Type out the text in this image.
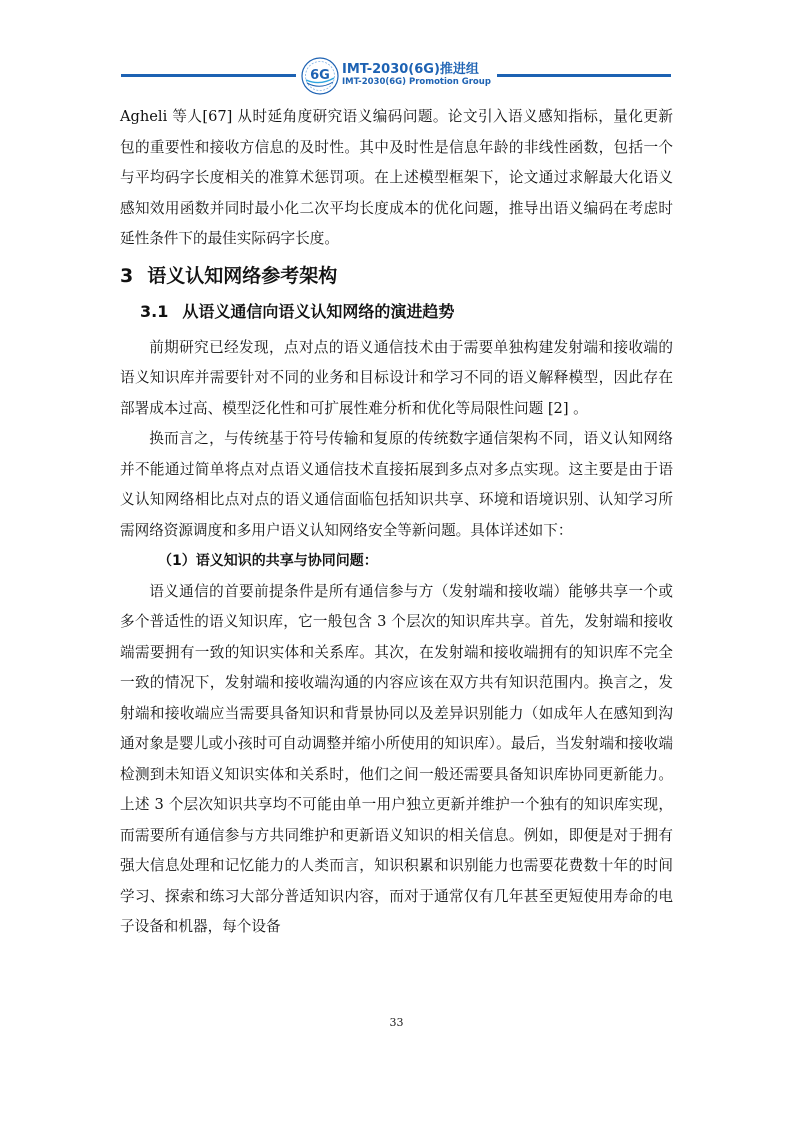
6G IMT-2030(6G)推进组
IMT-2030(6G) Promotion Group

Agheli 等人[67] 从时延角度研究语义编码问题。论文引入语义感知指标，量化更新包的重要性和接收方信息的及时性。其中及时性是信息年龄的非线性函数，包括一个与平均码字长度相关的准算术惩罚项。在上述模型框架下，论文通过求解最大化语义感知效用函数并同时最小化二次平均长度成本的优化问题，推导出语义编码在考虑时延性条件下的最佳实际码字长度。

3 语义认知网络参考架构
3.1 从语义通信向语义认知网络的演进趋势

前期研究已经发现，点对点的语义通信技术由于需要单独构建发射端和接收端的语义知识库并需要针对不同的业务和目标设计和学习不同的语义解释模型，因此存在部署成本过高、模型泛化性和可扩展性难分析和优化等局限性问题 [2] 。

换而言之，与传统基于符号传输和复原的传统数字通信架构不同，语义认知网络并不能通过简单将点对点语义通信技术直接拓展到多点对多点实现。这主要是由于语义认知网络相比点对点的语义通信面临包括知识共享、环境和语境识别、认知学习所需网络资源调度和多用户语义认知网络安全等新问题。具体详述如下：

（1）语义知识的共享与协同问题：

语义通信的首要前提条件是所有通信参与方（发射端和接收端）能够共享一个或多个普适性的语义知识库，它一般包含 3 个层次的知识库共享。首先，发射端和接收端需要拥有一致的知识实体和关系库。其次，在发射端和接收端拥有的知识库不完全一致的情况下，发射端和接收端沟通的内容应该在双方共有知识范围内。换言之，发射端和接收端应当需要具备知识和背景协同以及差异识别能力（如成年人在感知到沟通对象是婴儿或小孩时可自动调整并缩小所使用的知识库）。最后，当发射端和接收端检测到未知语义知识实体和关系时，他们之间一般还需要具备知识库协同更新能力。上述 3 个层次知识共享均不可能由单一用户独立更新并维护一个独有的知识库实现，而需要所有通信参与方共同维护和更新语义知识的相关信息。例如，即便是对于拥有强大信息处理和记忆能力的人类而言，知识积累和识别能力也需要花费数十年的时间学习、探索和练习大部分普适知识内容，而对于通常仅有几年甚至更短使用寿命的电子设备和机器，每个设备

33
